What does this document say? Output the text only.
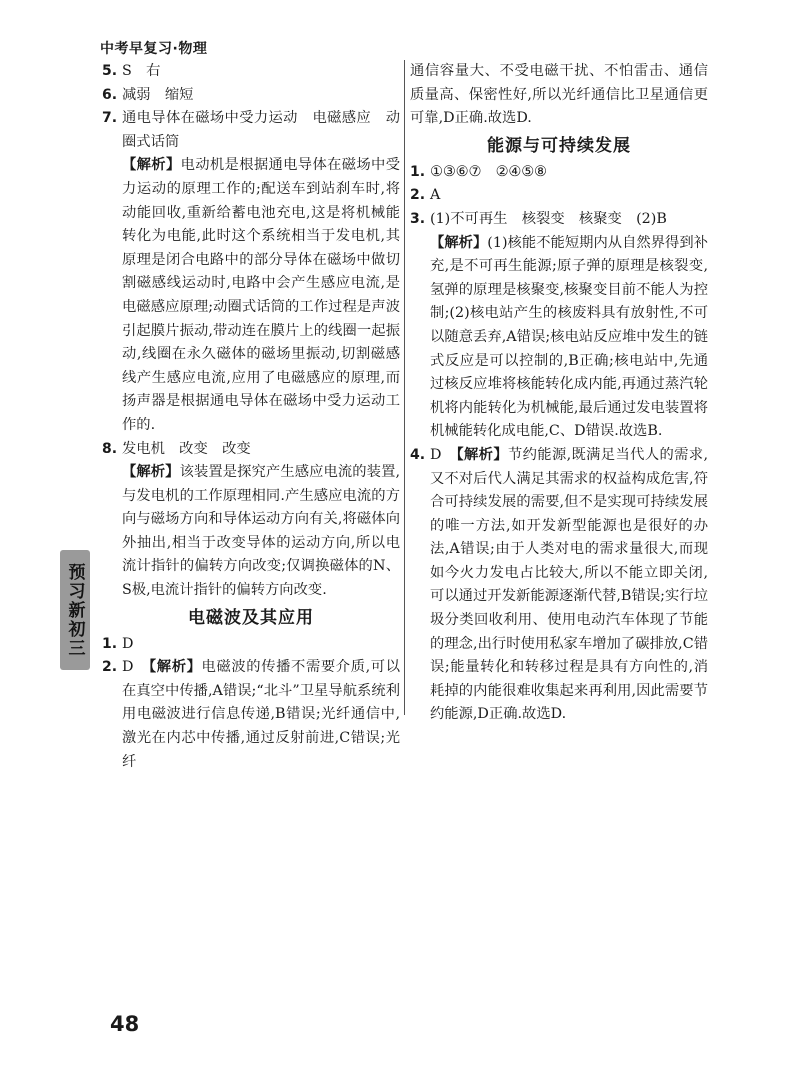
中考早复习·物理
5. S　右
6. 减弱　缩短
7. 通电导体在磁场中受力运动　电磁感应　动圈式话筒
【解析】电动机是根据通电导体在磁场中受力运动的原理工作的;配送车到站刹车时,将动能回收,重新给蓄电池充电,这是将机械能转化为电能,此时这个系统相当于发电机,其原理是闭合电路中的部分导体在磁场中做切割磁感线运动时,电路中会产生感应电流,是电磁感应原理;动圈式话筒的工作过程是声波引起膜片振动,带动连在膜片上的线圈一起振动,线圈在永久磁体的磁场里振动,切割磁感线产生感应电流,应用了电磁感应的原理,而扬声器是根据通电导体在磁场中受力运动工作的.
8. 发电机　改变　改变
【解析】该装置是探究产生感应电流的装置,与发电机的工作原理相同.产生感应电流的方向与磁场方向和导体运动方向有关,将磁体向外抽出,相当于改变导体的运动方向,所以电流计指针的偏转方向改变;仅调换磁体的N、S极,电流计指针的偏转方向改变.
电磁波及其应用
1. D
2. D　 【解析】电磁波的传播不需要介质,可以在真空中传播,A错误;“北斗”卫星导航系统利用电磁波进行信息传递,B错误;光纤通信中,激光在内芯中传播,通过反射前进,C错误;光纤
通信容量大、不受电磁干扰、不怕雷击、通信质量高、保密性好,所以光纤通信比卫星通信更可靠,D正确.故选D.
能源与可持续发展
1. ①③⑥⑦　②④⑤⑧
2. A
3. (1)不可再生　核裂变　核聚变　(2)B
【解析】(1)核能不能短期内从自然界得到补充,是不可再生能源;原子弹的原理是核裂变,氢弹的原理是核聚变,核聚变目前不能人为控制;(2)核电站产生的核废料具有放射性,不可以随意丢弃,A错误;核电站反应堆中发生的链式反应是可以控制的,B正确;核电站中,先通过核反应堆将核能转化成内能,再通过蒸汽轮机将内能转化为机械能,最后通过发电装置将机械能转化成电能,C、D错误.故选B.
4. D　 【解析】节约能源,既满足当代人的需求,又不对后代人满足其需求的权益构成危害,符合可持续发展的需要,但不是实现可持续发展的唯一方法,如开发新型能源也是很好的办法,A错误;由于人类对电的需求量很大,而现如今火力发电占比较大,所以不能立即关闭,可以通过开发新能源逐渐代替,B错误;实行垃圾分类回收利用、使用电动汽车体现了节能的理念,出行时使用私家车增加了碳排放,C错误;能量转化和转移过程是具有方向性的,消耗掉的内能很难收集起来再利用,因此需要节约能源,D正确.故选D.
预习新初三
48
